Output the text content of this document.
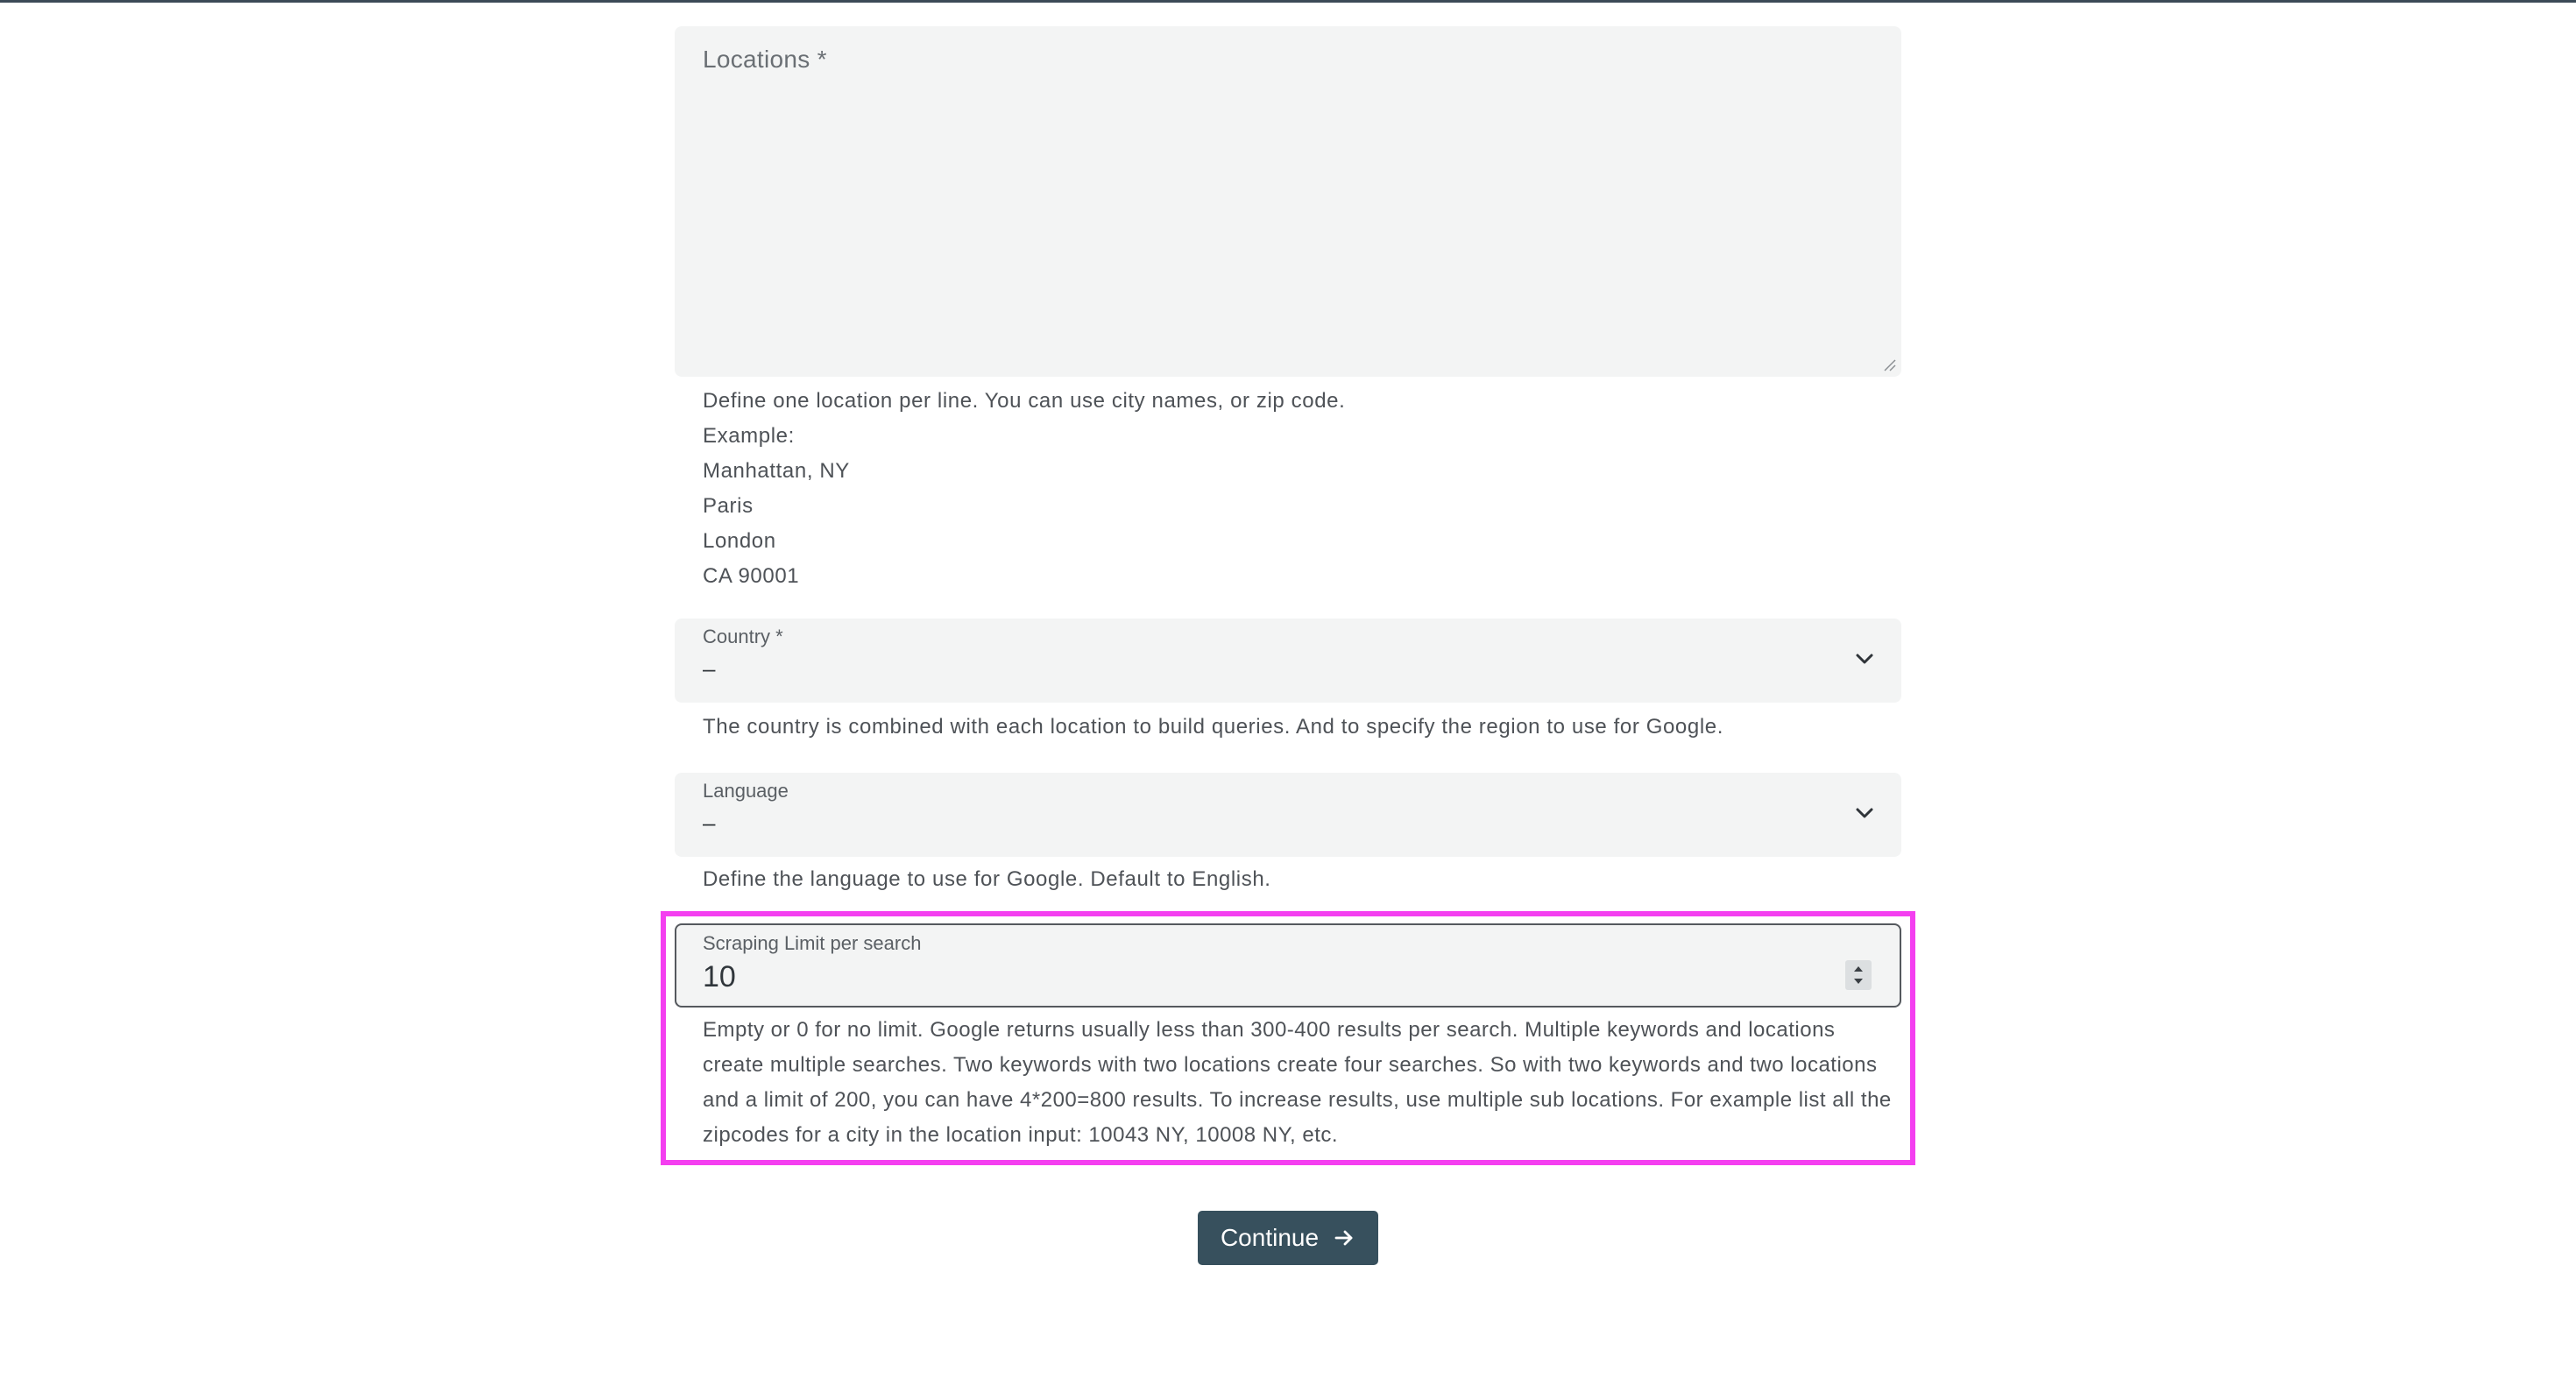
Locations *
Define one location per line. You can use city names, or zip code.
Example:
Manhattan, NY
Paris
London
CA 90001
Country *
–
The country is combined with each location to build queries. And to specify the region to use for Google.
Language
–
Define the language to use for Google. Default to English.
Scraping Limit per search
10
Empty or 0 for no limit. Google returns usually less than 300-400 results per search. Multiple keywords and locations create multiple searches. Two keywords with two locations create four searches. So with two keywords and two locations and a limit of 200, you can have 4*200=800 results. To increase results, use multiple sub locations. For example list all the zipcodes for a city in the location input: 10043 NY, 10008 NY, etc.
Continue
